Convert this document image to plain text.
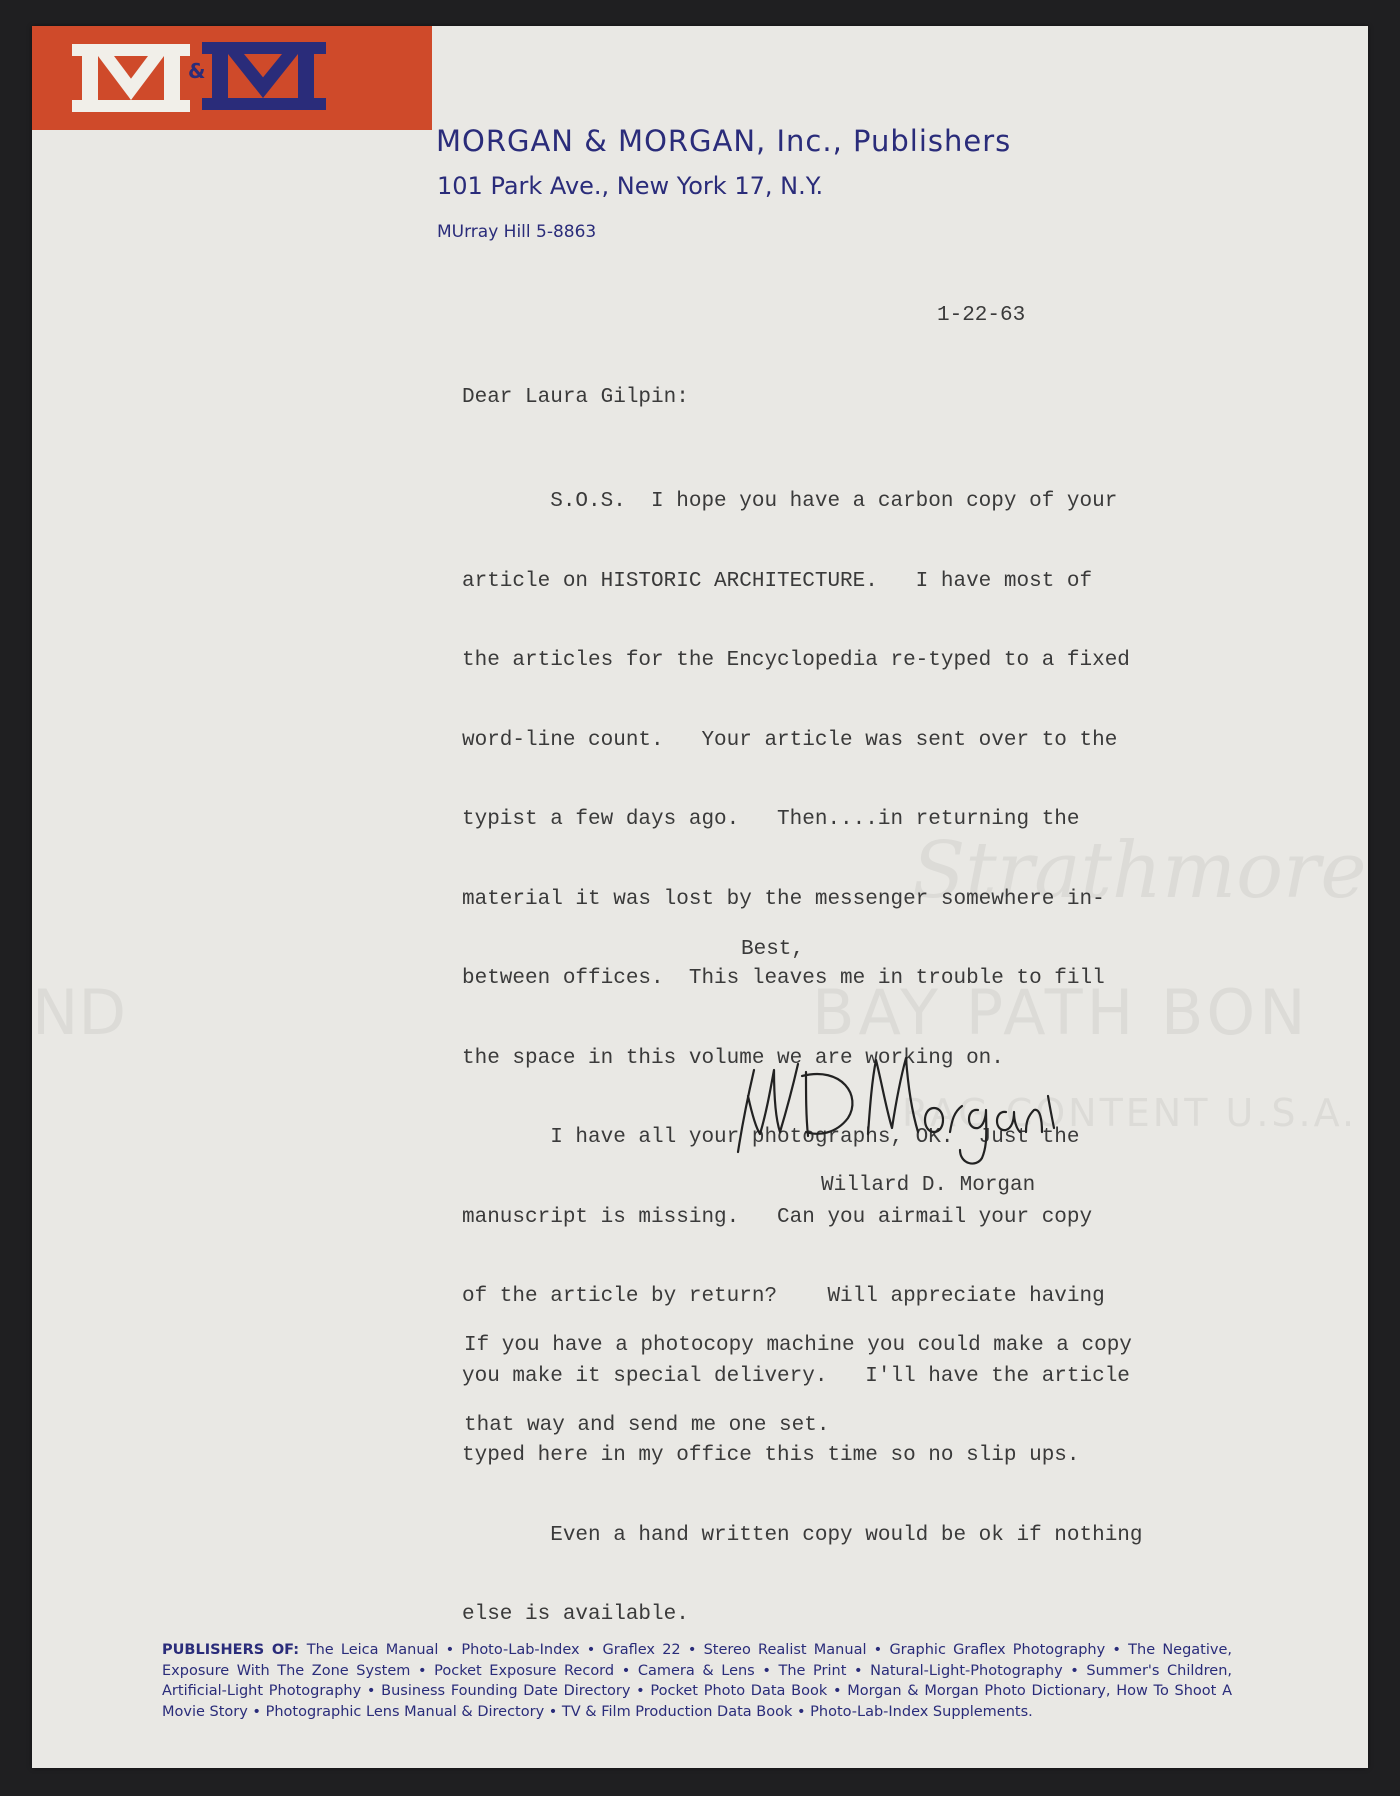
Strathmore
BAY PATH BON
RAG CONTENT U.S.A.
ND
&
MORGAN & MORGAN, Inc., Publishers
101 Park Ave., New York 17, N.Y.
MUrray Hill 5-8863
1-22-63
Dear Laura Gilpin:

S.O.S.  I hope you have a carbon copy of your

article on HISTORIC ARCHITECTURE.   I have most of

the articles for the Encyclopedia re-typed to a fixed

word-line count.   Your article was sent over to the

typist a few days ago.   Then....in returning the

material it was lost by the messenger somewhere in-

between offices.  This leaves me in trouble to fill

the space in this volume we are working on.

I have all your photographs, OK.  Just the

manuscript is missing.   Can you airmail your copy

of the article by return?    Will appreciate having

you make it special delivery.   I'll have the article

typed here in my office this time so no slip ups.

Even a hand written copy would be ok if nothing

else is available.

Best,
Willard D. Morgan

If you have a photocopy machine you could make a copy

that way and send me one set.

PUBLISHERS OF: The Leica Manual • Photo-Lab-Index • Graflex 22 • Stereo Realist Manual • Graphic Graflex Photography • The Negative, Exposure With The Zone System • Pocket Exposure Record • Camera & Lens • The Print • Natural-Light-Photography • Summer's Children, Artificial-Light Photography • Business Founding Date Directory • Pocket Photo Data Book • Morgan & Morgan Photo Dictionary, How To Shoot A Movie Story • Photographic Lens Manual & Directory • TV & Film Production Data Book • Photo-Lab-Index Supplements.
